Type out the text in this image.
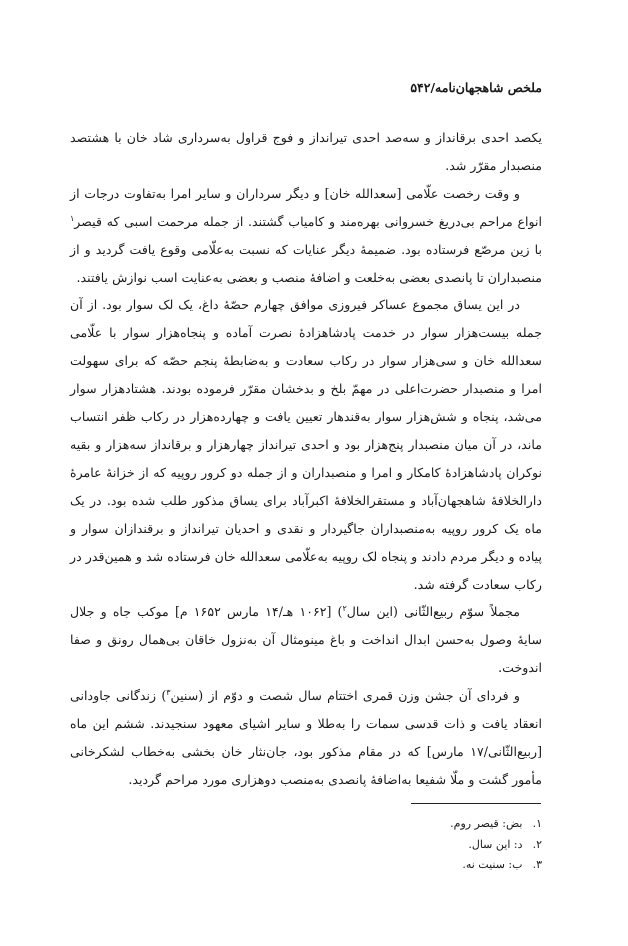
ملخص شاهجهان‌نامه/۵۴۲

یکصد احدی برقانداز و سه‌صد احدی تیرانداز و فوج قراول به‌سرداری شاد خان با هشتصد منصبدار مقرّر شد.

و وقت رخصت علّامی [سعدالله خان] و دیگر سرداران و سایر امرا به‌تفاوت درجات از انواع مراحم بی‌دریغ خسروانی بهره‌مند و کامیاب گشتند. از جمله مرحمت اسبی که قیصر$^۱$ با زین مرصّع فرستاده بود. ضمیمهٔ دیگر عنایات که نسبت به‌علّامی وقوع یافت گردید و از منصبداران تا پانصدی بعضی به‌خلعت و اضافهٔ منصب و بعضی به‌عنایت اسب نوازش یافتند.

در این یساق مجموع عساکر فیروزی موافق چهارم حصّهٔ داغ، یک لک سوار بود. از آن جمله بیست‌هزار سوار در خدمت پادشاهزادهٔ نصرت آماده و پنجاه‌هزار سوار با علّامی سعدالله خان و سی‌هزار سوار در رکاب سعادت و به‌ضابطهٔ پنجم حصّه که برای سهولت امرا و منصبدار حضرت‌اعلی در مهمّ بلخ و بدخشان مقرّر فرموده بودند. هشتادهزار سوار می‌شد، پنجاه و شش‌هزار سوار به‌قندهار تعیین یافت و چهارده‌هزار در رکاب ظفر انتساب ماند، در آن میان منصبدار پنج‌هزار بود و احدی تیرانداز چهارهزار و برقانداز سه‌هزار و بقیه نوکران پادشاهزادهٔ کامکار و امرا و منصبداران و از جمله دو کرور روپیه که از خزانهٔ عامرهٔ دارالخلافهٔ شاهجهان‌آباد و مستقرالخلافهٔ اکبرآباد برای یساق مذکور طلب شده بود. در یک ماه یک کرور روپیه به‌منصبداران جاگیردار و نقدی و احدیان تیرانداز و برقندازان سوار و پیاده و دیگر مردم دادند و پنجاه لک روپیه به‌علّامی سعدالله خان فرستاده شد و همین‌قدر در رکاب سعادت گرفته شد.

مجملاً سوّم ربیع‌الثّانی (این سال$^۲$) [۱۰۶۲ هـ/۱۴ مارس ۱۶۵۲ م] موکب جاه و جلال سایهٔ وصول به‌حسن ابدال انداخت و باغ مینومثال آن به‌نزول خاقان بی‌همال رونق و صفا اندوخت.

و فردای آن جشن وزن قمری اختتام سال شصت و دوّم از (سنین$^۳$) زندگانی جاودانی انعقاد یافت و ذات قدسی سمات را به‌طلا و سایر اشیای معهود سنجیدند. ششم این ماه [ربیع‌الثّانی/۱۷ مارس] که در مقام مذکور بود، جان‌نثار خان بخشی به‌خطاب لشکرخانی مأمور گشت و ملّا شفیعا به‌اضافهٔ پانصدی به‌منصب دوهزاری مورد مراحم گردید.

۱. بض: قیصر روم.
۲. د: این سال.
۳. ب: سنیت نه.
